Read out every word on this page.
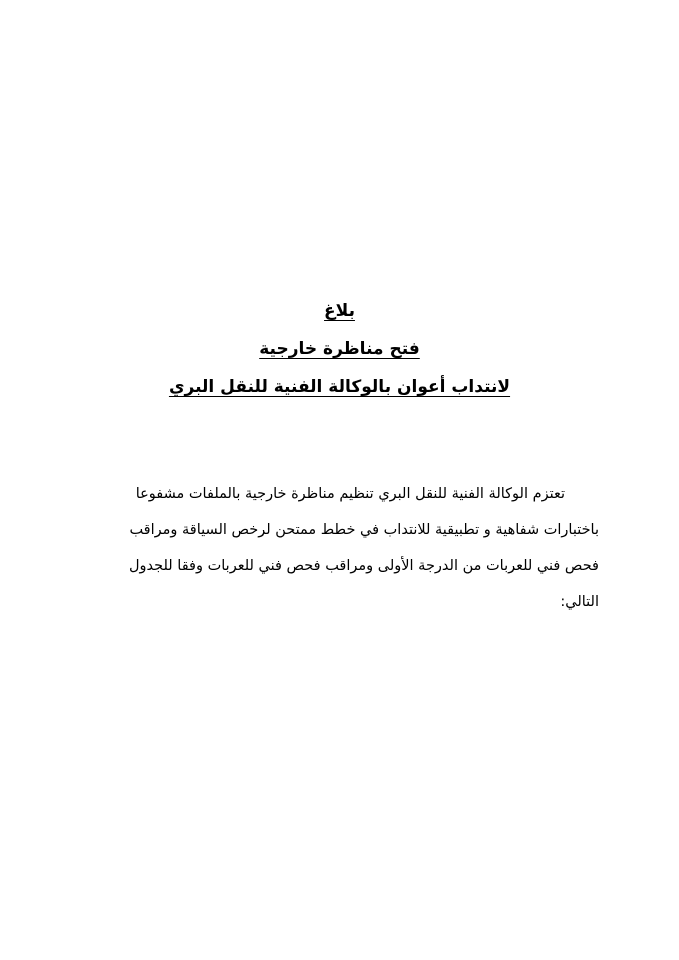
بلاغ

فتح مناظرة خارجية

لانتداب أعوان بالوكالة الفنية للنقل البري

تعتزم الوكالة الفنية للنقل البري تنظيم مناظرة خارجية بالملفات مشفوعا
باختبارات شفاهية و تطبيقية للانتداب في خطط ممتحن لرخص السياقة ومراقب
فحص فني للعربات من الدرجة الأولى ومراقب فحص فني للعربات وفقا للجدول
التالي:
